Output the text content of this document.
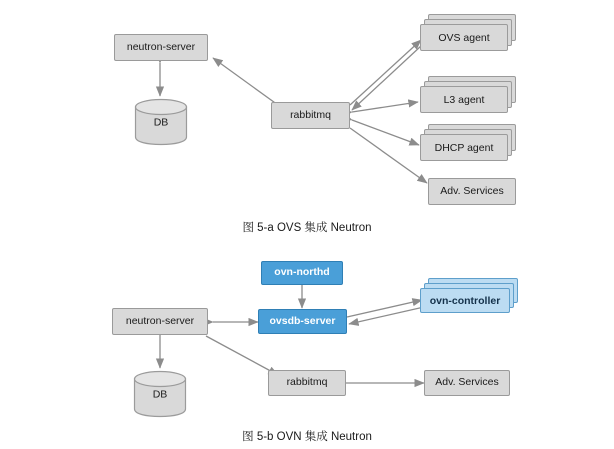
neutron-server
DB
rabbitmq
OVS agent
L3 agent
DHCP agent
Adv. Services
图 5-a OVS 集成 Neutron
ovn-northd
ovsdb-server
ovn-controller
neutron-server
DB
rabbitmq	Adv. Services
图 5-b OVN 集成 Neutron
